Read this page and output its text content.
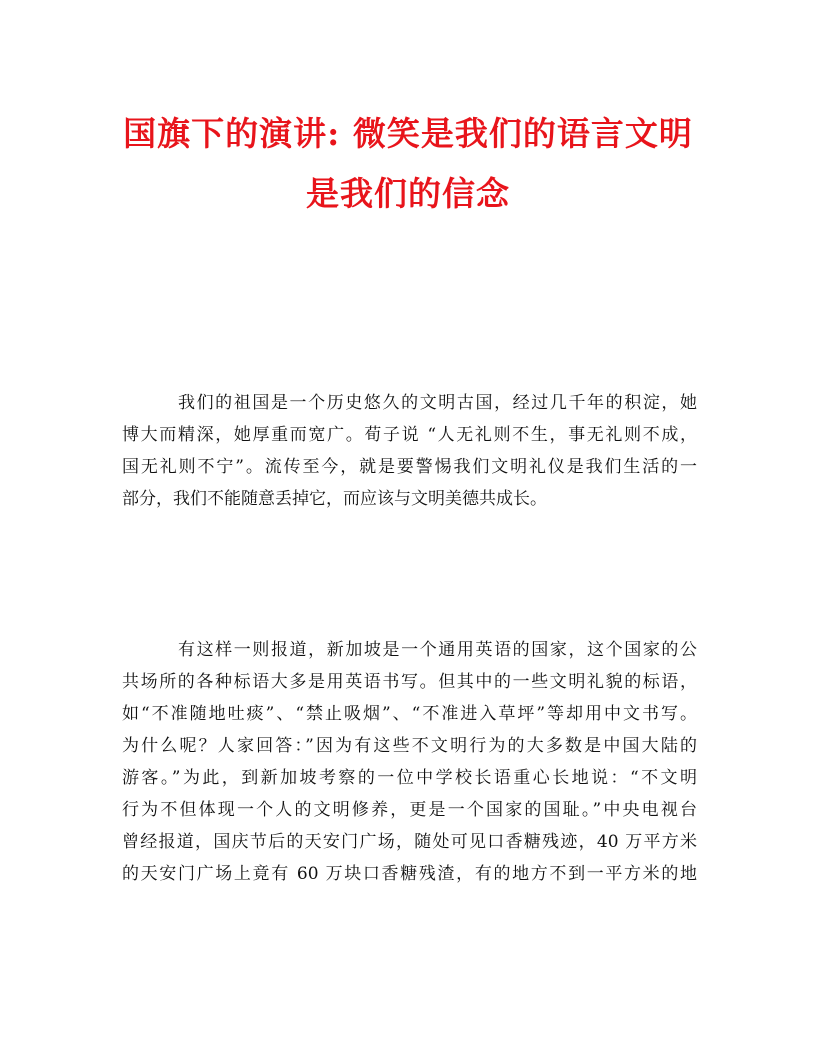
国旗下的演讲: 微笑是我们的语言文明
是我们的信念
我们的祖国是一个历史悠久的文明古国，经过几千年的积淀，她
博大而精深，她厚重而宽广。荀子说 “人无礼则不生，事无礼则不成，
国无礼则不宁”。流传至今，就是要警惕我们文明礼仪是我们生活的一
部分，我们不能随意丢掉它，而应该与文明美德共成长。
有这样一则报道，新加坡是一个通用英语的国家，这个国家的公
共场所的各种标语大多是用英语书写。但其中的一些文明礼貌的标语，
如“不准随地吐痰”、“禁止吸烟”、“不准进入草坪”等却用中文书写。
为什么呢？人家回答：”因为有这些不文明行为的大多数是中国大陆的
游客。”为此，到新加坡考察的一位中学校长语重心长地说：“不文明
行为不但体现一个人的文明修养，更是一个国家的国耻。”中央电视台
曾经报道，国庆节后的天安门广场，随处可见口香糖残迹，40 万平方米
的天安门广场上竟有 60 万块口香糖残渣，有的地方不到一平方米的地
